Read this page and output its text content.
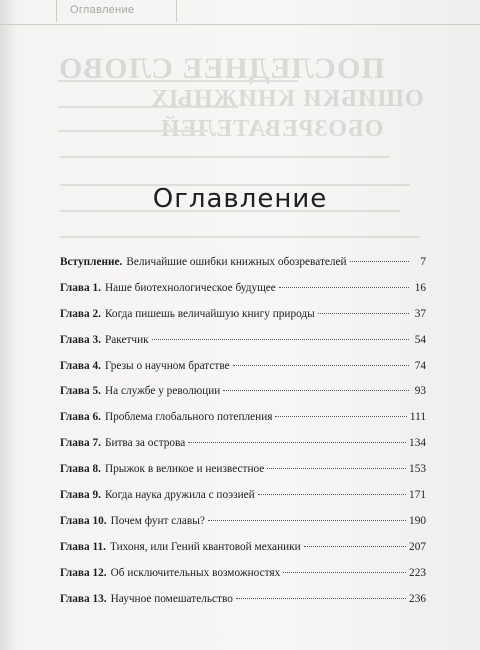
Оглавление
ПОСЛЕДНЕЕ СЛОВО
ОШИБКИ КНИЖНЫХ
ОБОЗРЕВАТЕЛЕЙ
Оглавление
Вступление. Величайшие ошибки книжных обозревателей	7
Глава 1. Наше биотехнологическое будущее	16
Глава 2. Когда пишешь величайшую книгу природы	37
Глава 3. Ракетчик	54
Глава 4. Грезы о научном братстве	74
Глава 5. На службе у революции	93
Глава 6. Проблема глобального потепления	111
Глава 7. Битва за острова	134
Глава 8. Прыжок в великое и неизвестное	153
Глава 9. Когда наука дружила с поэзией	171
Глава 10. Почем фунт славы?	190
Глава 11. Тихоня, или Гений квантовой механики	207
Глава 12. Об исключительных возможностях	223
Глава 13. Научное помешательство	236
